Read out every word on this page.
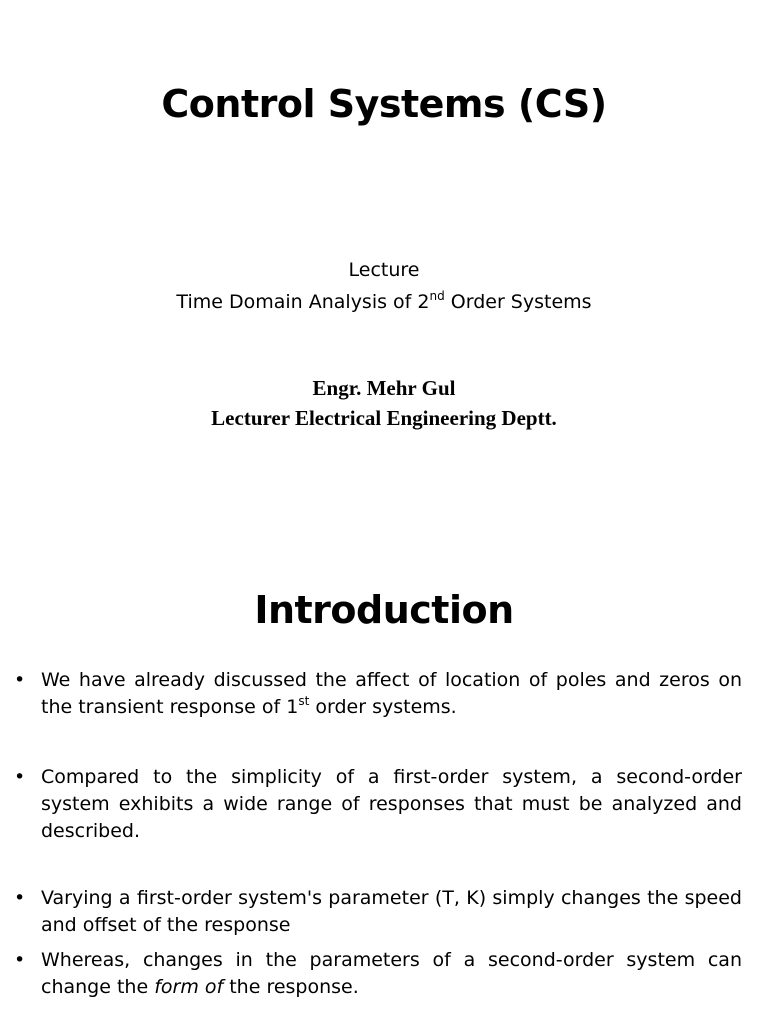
Control Systems (CS)
Lecture
Time Domain Analysis of 2nd Order Systems
Engr. Mehr Gul
Lecturer Electrical Engineering Deptt.
Introduction
• We have already discussed the affect of location of poles and zeros on the transient response of 1st order systems.
• Compared to the simplicity of a first-order system, a second-order system exhibits a wide range of responses that must be analyzed and described.
• Varying a first-order system's parameter (T, K) simply changes the speed and offset of the response
• Whereas, changes in the parameters of a second-order system can change the form of the response.
